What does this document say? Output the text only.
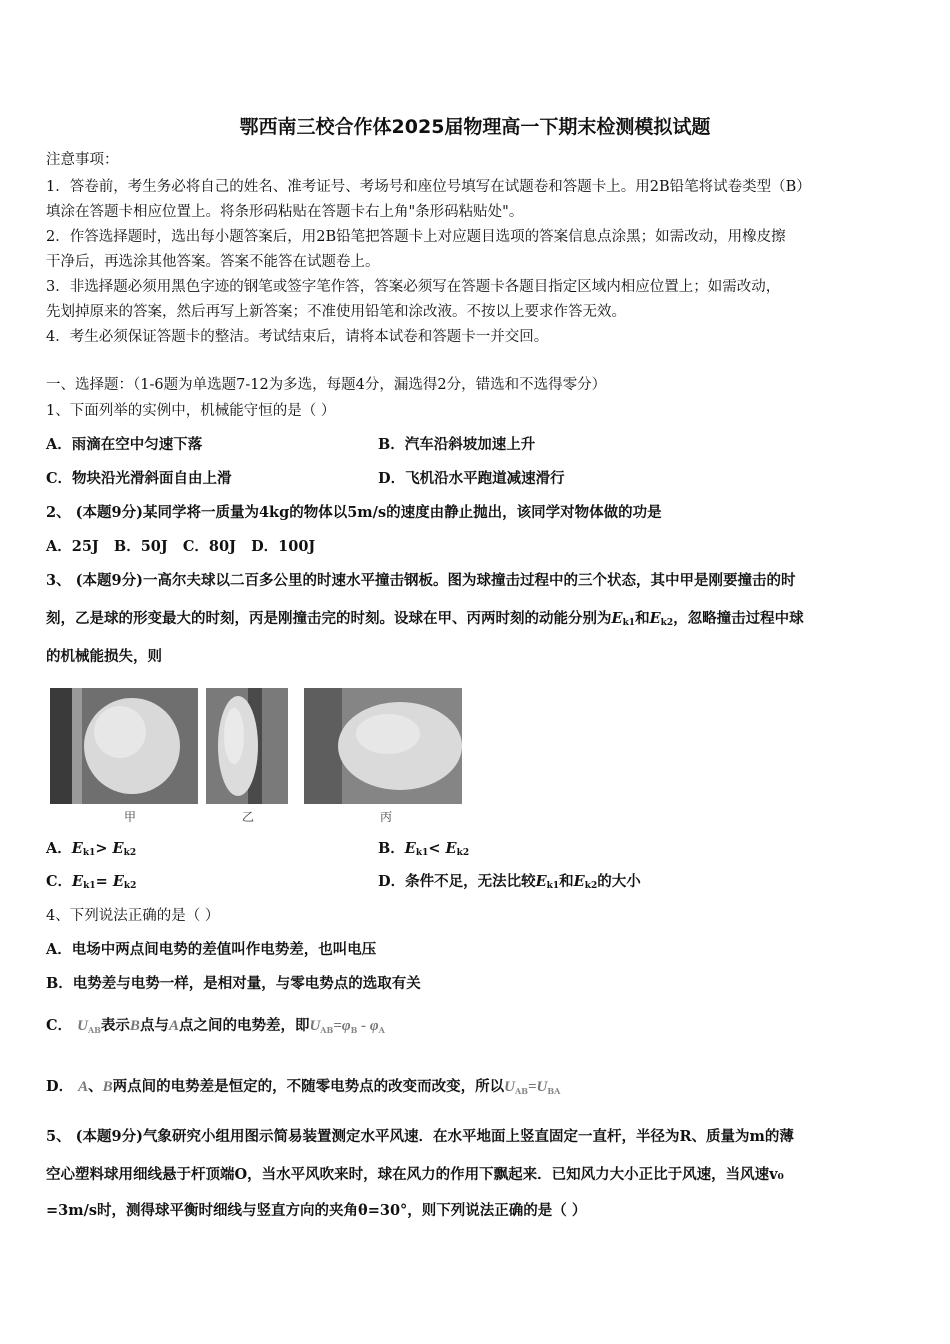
鄂西南三校合作体2025届物理高一下期末检测模拟试题
注意事项：
1．答卷前，考生务必将自己的姓名、准考证号、考场号和座位号填写在试题卷和答题卡上。用2B铅笔将试卷类型（B）
填涂在答题卡相应位置上。将条形码粘贴在答题卡右上角"条形码粘贴处"。
2．作答选择题时，选出每小题答案后，用2B铅笔把答题卡上对应题目选项的答案信息点涂黑；如需改动，用橡皮擦
干净后，再选涂其他答案。答案不能答在试题卷上。
3．非选择题必须用黑色字迹的钢笔或签字笔作答，答案必须写在答题卡各题目指定区域内相应位置上；如需改动，
先划掉原来的答案，然后再写上新答案；不准使用铅笔和涂改液。不按以上要求作答无效。
4．考生必须保证答题卡的整洁。考试结束后，请将本试卷和答题卡一并交回。
一、选择题：（1-6题为单选题7-12为多选，每题4分，漏选得2分，错选和不选得零分）
1、下面列举的实例中，机械能守恒的是（ ）
A．雨滴在空中匀速下落	B．汽车沿斜坡加速上升
C．物块沿光滑斜面自由上滑	D．飞机沿水平跑道减速滑行
2、 (本题9分)某同学将一质量为4kg的物体以5m/s的速度由静止抛出，该同学对物体做的功是
A．25J   B．50J   C．80J   D．100J
3、 (本题9分)一高尔夫球以二百多公里的时速水平撞击钢板。图为球撞击过程中的三个状态，其中甲是刚要撞击的时
刻，乙是球的形变最大的时刻，丙是刚撞击完的时刻。设球在甲、丙两时刻的动能分别为$E_{k1}$和$E_{k2}$，忽略撞击过程中球
的机械能损失，则
甲	乙	丙
A．$E_{k1}> E_{k2}$	B．$E_{k1}< E_{k2}$
C．$E_{k1}= E_{k2}$	D．条件不足，无法比较$E_{k1}$和$E_{k2}$的大小
4、下列说法正确的是（ ）
A．电场中两点间电势的差值叫作电势差，也叫电压
B．电势差与电势一样，是相对量，与零电势点的选取有关
C． $U_{AB}$表示B点与A点之间的电势差，即$U_{AB}=\varphi_B - \varphi_A$
D． A、B两点间的电势差是恒定的，不随零电势点的改变而改变，所以$U_{AB}=U_{BA}$
5、 (本题9分)气象研究小组用图示简易装置测定水平风速．在水平地面上竖直固定一直杆，半径为R、质量为m的薄
空心塑料球用细线悬于杆顶端O，当水平风吹来时，球在风力的作用下飘起来．已知风力大小正比于风速，当风速v₀
=3m/s时，测得球平衡时细线与竖直方向的夹角θ=30°，则下列说法正确的是（ ）
